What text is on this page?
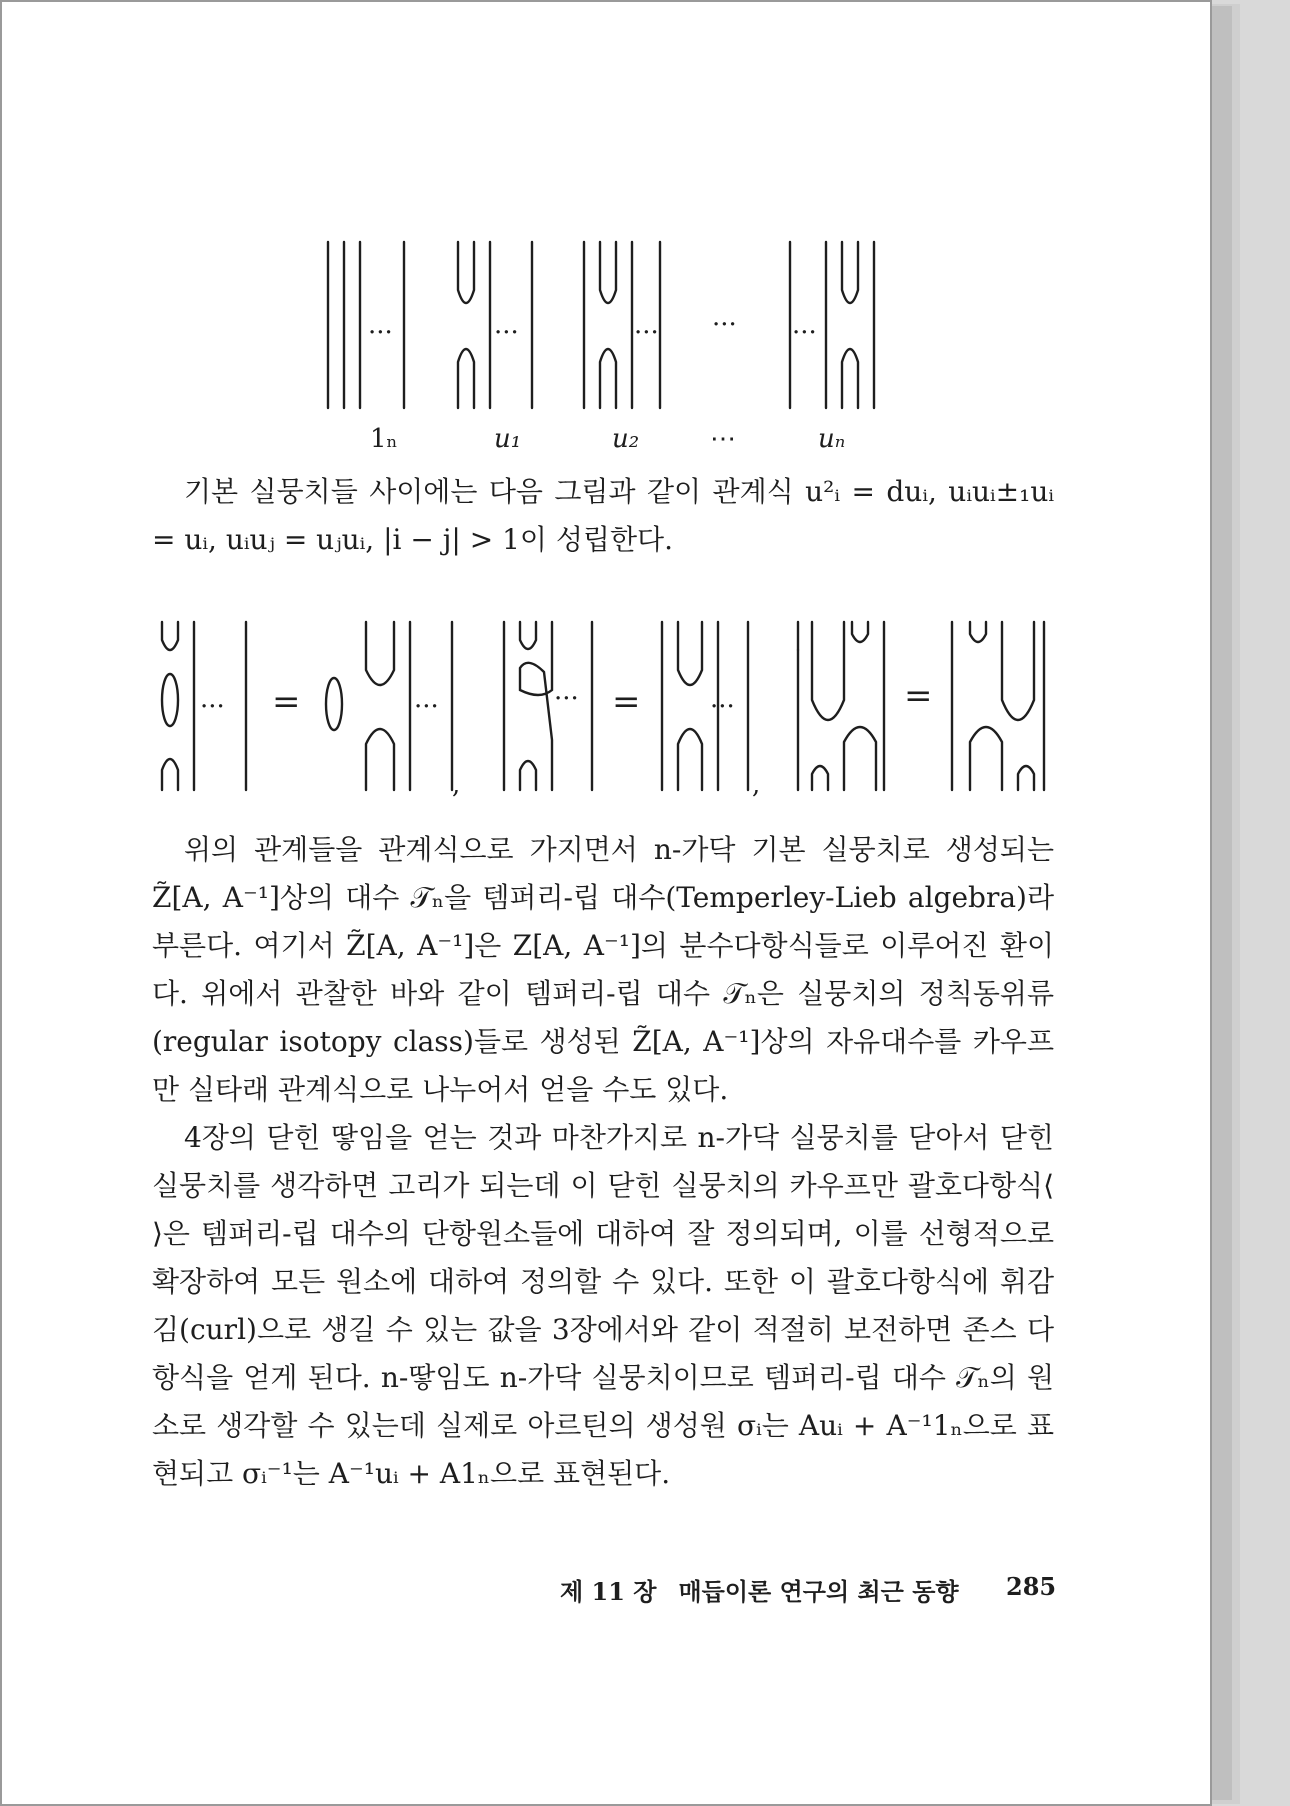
···	···	··· ··· ···
1ₙ	u₁	u₂	⋯	uₙ

기본 실뭉치들 사이에는 다음 그림과 같이 관계식 u²ᵢ = duᵢ, uᵢuᵢ±₁uᵢ = uᵢ, uᵢuⱼ = uⱼuᵢ, |i − j| > 1이 성립한다.

··· =	···
,
··· =	···
,
=

위의 관계들을 관계식으로 가지면서 n-가닥 기본 실뭉치로 생성되는 Z̃[A, A⁻¹]상의 대수 𝒯ₙ을 템퍼리-립 대수(Temperley-Lieb algebra)라 부른다. 여기서 Z̃[A, A⁻¹]은 Z[A, A⁻¹]의 분수다항식들로 이루어진 환이다. 위에서 관찰한 바와 같이 템퍼리-립 대수 𝒯ₙ은 실뭉치의 정칙동위류(regular isotopy class)들로 생성된 Z̃[A, A⁻¹]상의 자유대수를 카우프만 실타래 관계식으로 나누어서 얻을 수도 있다.

4장의 닫힌 땋임을 얻는 것과 마찬가지로 n-가닥 실뭉치를 닫아서 닫힌 실뭉치를 생각하면 고리가 되는데 이 닫힌 실뭉치의 카우프만 괄호다항식⟨ ⟩은 템퍼리-립 대수의 단항원소들에 대하여 잘 정의되며, 이를 선형적으로 확장하여 모든 원소에 대하여 정의할 수 있다. 또한 이 괄호다항식에 휘감김(curl)으로 생길 수 있는 값을 3장에서와 같이 적절히 보전하면 존스 다항식을 얻게 된다. n-땋임도 n-가닥 실뭉치이므로 템퍼리-립 대수 𝒯ₙ의 원소로 생각할 수 있는데 실제로 아르틴의 생성원 σᵢ는 Auᵢ + A⁻¹1ₙ으로 표현되고 σᵢ⁻¹는 A⁻¹uᵢ + A1ₙ으로 표현된다.

제 11 장 매듭이론 연구의 최근 동향 285
